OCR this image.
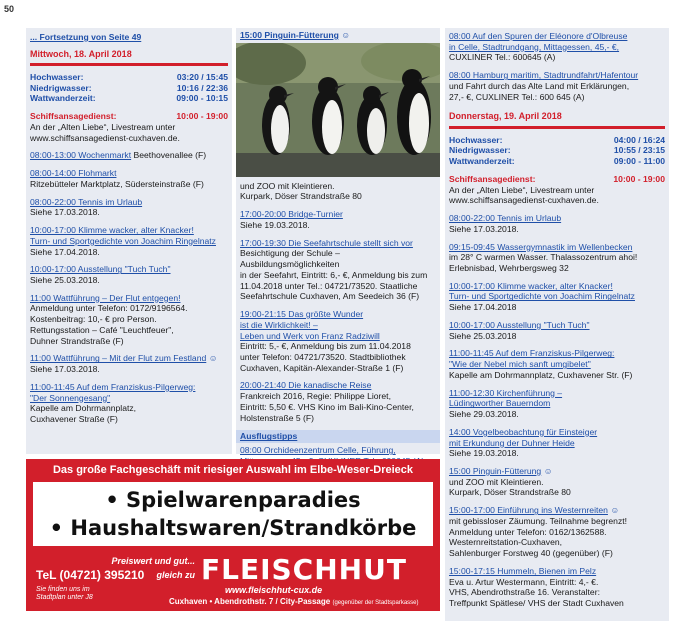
50
... Fortsetzung von Seite 49
Mittwoch, 18. April 2018
Hochwasser:	03:20 / 15:45
Niedrigwasser:	10:16 / 22:36
Wattwanderzeit:	09:00 - 10:15
Schiffsansagedienst:	10:00 - 19:00
An der „Alten Liebe“, Livestream unter www.schiffsansagedienst-cuxhaven.de.
08:00-13:00 Wochenmarkt Beethovenallee (F)
08:00-14:00 Flohmarkt
Ritzebütteler Marktplatz, Südersteinstraße (F)
08:00-22:00 Tennis im Urlaub
Siehe 17.03.2018.
10:00-17:00 Klimme wacker, alter Knacker!
Turn- und Sportgedichte von Joachim Ringelnatz
Siehe 17.04.2018.
10:00-17:00 Ausstellung "Tuch Tuch"
Siehe 25.03.2018.
11:00 Wattführung – Der Flut entgegen!
Anmeldung unter Telefon: 0172/9196564.
Kostenbeitrag: 10,- € pro Person.
Rettungsstation – Café "Leuchtfeuer",
Duhner Strandstraße (F)
11:00 Wattführung – Mit der Flut zum Festland ☺
Siehe 17.03.2018.
11:00-11:45 Auf dem Franziskus-Pilgerweg:
"Der Sonnengesang"
Kapelle am Dohrmannplatz,
Cuxhavener Straße (F)
15:00 Pinguin-Fütterung ☺
und ZOO mit Kleintieren.
Kurpark, Döser Strandstraße 80
17:00-20:00 Bridge-Turnier
Siehe 19.03.2018.
17:00-19:30 Die Seefahrtschule stellt sich vor
Besichtigung der Schule – Ausbildungsmöglichkeiten
in der Seefahrt, Eintritt: 6,- €, Anmeldung bis zum
11.04.2018 unter Tel.: 04721/73520. Staatliche
Seefahrtschule Cuxhaven, Am Seedeich 36 (F)
19:00-21:15 Das größte Wunder
ist die Wirklichkeit! –
Leben und Werk von Franz Radziwill
Eintritt: 5,- €, Anmeldung bis zum 11.04.2018
unter Telefon: 04721/73520. Stadtbibliothek
Cuxhaven, Kapitän-Alexander-Straße 1 (F)
20:00-21:40 Die kanadische Reise
Frankreich 2016, Regie: Philippe Lioret,
Eintritt: 5,50 €. VHS Kino im Bali-Kino-Center,
Holstenstraße 5 (F)
Ausflugstipps
08:00 Orchideenzentrum Celle, Führung,
08:00 Auf den Spuren der Eléonore d'Olbreuse
in Celle, Stadtrundgang, Mittagessen, 45,- €,
CUXLINER Tel.: 600645 (A)
08:00 Hamburg maritim, Stadtrundfahrt/Hafentour
und Fahrt durch das Alte Land mit Erklärungen,
27,- €, CUXLINER Tel.: 600 645 (A)
Donnerstag, 19. April 2018
Hochwasser:	04:00 / 16:24
Niedrigwasser:	10:55 / 23:15
Wattwanderzeit:	09:00 - 11:00
Schiffsansagedienst:	10:00 - 19:00
An der „Alten Liebe“, Livestream unter www.schiffsansagedienst-cuxhaven.de.
08:00-22:00 Tennis im Urlaub
Siehe 17.03.2018.
09:15-09:45 Wassergymnastik im Wellenbecken
im 28° C warmen Wasser. Thalassozentrum ahoi!
Erlebnisbad, Wehrbergsweg 32
10:00-17:00 Klimme wacker, alter Knacker!
Turn- und Sportgedichte von Joachim Ringelnatz
Siehe 17.04.2018
10:00-17:00 Ausstellung "Tuch Tuch"
Siehe 25.03.2018
11:00-11:45 Auf dem Franziskus-Pilgerweg:
"Wie der Nebel mich sanft umgibelet"
Kapelle am Dohrmannplatz, Cuxhavener Str. (F)
11:00-12:30 Kirchenführung –
Lüdingworther Bauerndom
Siehe 29.03.2018.
14:00 Vogelbeobachtung für Einsteiger
mit Erkundung der Duhner Heide
Siehe 19.03.2018.
15:00 Pinguin-Fütterung ☺
und ZOO mit Kleintieren.
Kurpark, Döser Strandstraße 80
15:00-17:00 Einführung ins Westernreiten ☺
mit gebissloser Zäumung. Teilnahme begrenzt!
Anmeldung unter Telefon: 0162/1362588.
Westernreitstation-Cuxhaven,
Sahlenburger Forstweg 40 (gegenüber) (F)
15:00-17:15 Hummeln, Bienen im Pelz
Eva u. Artur Westermann, Eintritt: 4,- €.
VHS, Abendrothstraße 16. Veranstalter:
Treffpunkt Spätlese/ VHS der Stadt Cuxhaven
Das große Fachgeschäft mit riesiger Auswahl im Elbe-Weser-Dreieck
• Spielwarenparadies
• Haushaltswaren/Strandkörbe
TeL (04721) 395210
Sie finden uns im
Stadtplan unter J8
Preiswert und gut...
gleich zu FLEISCHHUT
www.fleischhut-cux.de
Cuxhaven • Abendrothstr. 7 / City-Passage (gegenüber der Stadtsparkasse)
